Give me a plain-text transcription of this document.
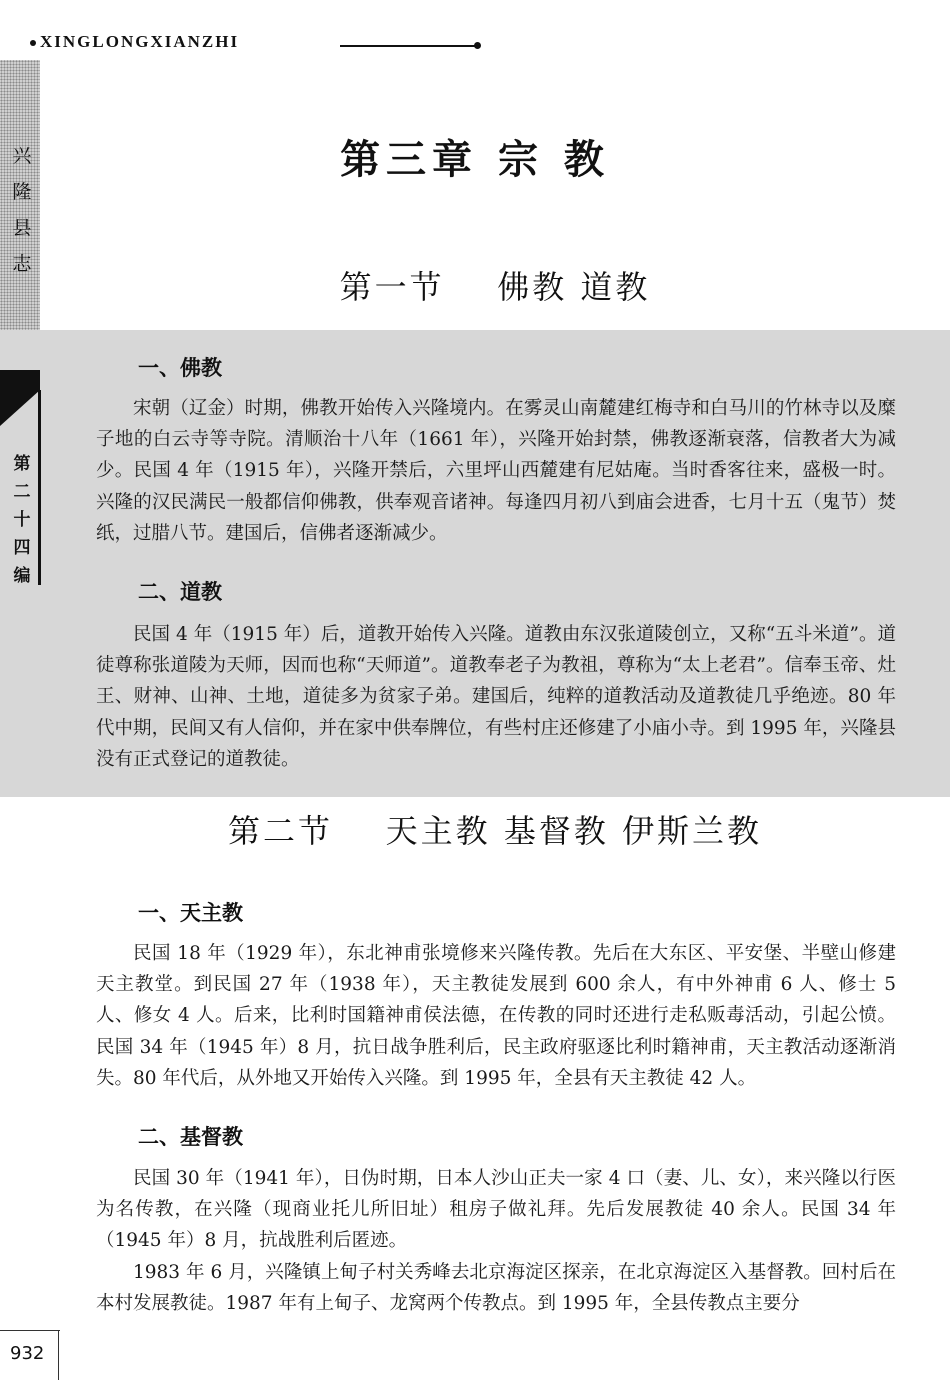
XINGLONGXIANZHI
兴隆县志
第二十四编
第三章 宗 教
第一节    佛教 道教
一、佛教

宋朝（辽金）时期，佛教开始传入兴隆境内。在雾灵山南麓建红梅寺和白马川的竹林寺以及糜子地的白云寺等寺院。清顺治十八年（1661 年），兴隆开始封禁，佛教逐渐衰落，信教者大为减少。民国 4 年（1915 年），兴隆开禁后，六里坪山西麓建有尼姑庵。当时香客往来，盛极一时。兴隆的汉民满民一般都信仰佛教，供奉观音诸神。每逢四月初八到庙会进香，七月十五（鬼节）焚纸，过腊八节。建国后，信佛者逐渐减少。

二、道教

民国 4 年（1915 年）后，道教开始传入兴隆。道教由东汉张道陵创立，又称“五斗米道”。道徒尊称张道陵为天师，因而也称“天师道”。道教奉老子为教祖，尊称为“太上老君”。信奉玉帝、灶王、财神、山神、土地，道徒多为贫家子弟。建国后，纯粹的道教活动及道教徒几乎绝迹。80 年代中期，民间又有人信仰，并在家中供奉牌位，有些村庄还修建了小庙小寺。到 1995 年，兴隆县没有正式登记的道教徒。

第二节    天主教 基督教 伊斯兰教
一、天主教

民国 18 年（1929 年），东北神甫张境修来兴隆传教。先后在大东区、平安堡、半壁山修建天主教堂。到民国 27 年（1938 年），天主教徒发展到 600 余人，有中外神甫 6 人、修士 5 人、修女 4 人。后来，比利时国籍神甫侯法德，在传教的同时还进行走私贩毒活动，引起公愤。民国 34 年（1945 年）8 月，抗日战争胜利后，民主政府驱逐比利时籍神甫，天主教活动逐渐消失。80 年代后，从外地又开始传入兴隆。到 1995 年，全县有天主教徒 42 人。

二、基督教

民国 30 年（1941 年），日伪时期，日本人沙山正夫一家 4 口（妻、儿、女），来兴隆以行医为名传教，在兴隆（现商业托儿所旧址）租房子做礼拜。先后发展教徒 40 余人。民国 34 年（1945 年）8 月，抗战胜利后匿迹。

1983 年 6 月，兴隆镇上甸子村关秀峰去北京海淀区探亲，在北京海淀区入基督教。回村后在本村发展教徒。1987 年有上甸子、龙窝两个传教点。到 1995 年，全县传教点主要分

932
